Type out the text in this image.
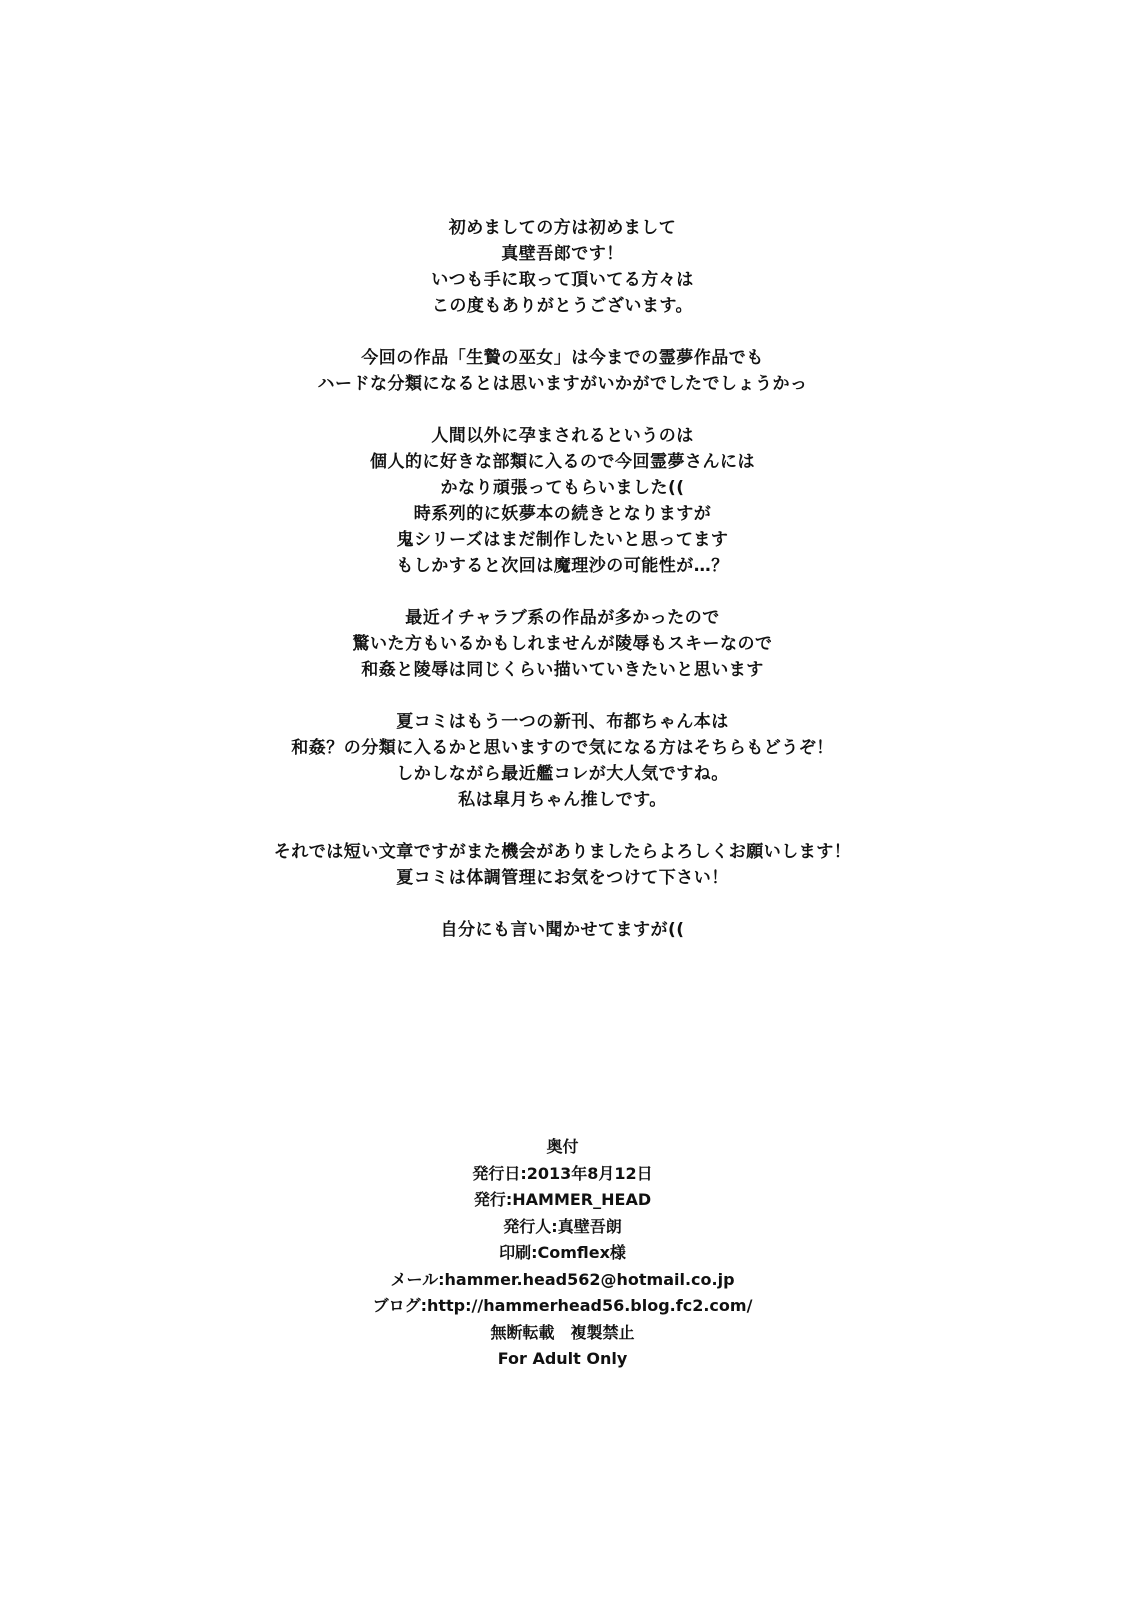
初めましての方は初めまして
真壁吾郎です！
いつも手に取って頂いてる方々は
この度もありがとうございます。
今回の作品「生贄の巫女」は今までの霊夢作品でも
ハードな分類になるとは思いますがいかがでしたでしょうかっ
人間以外に孕まされるというのは
個人的に好きな部類に入るので今回霊夢さんには
かなり頑張ってもらいました((
時系列的に妖夢本の続きとなりますが
鬼シリーズはまだ制作したいと思ってます
もしかすると次回は魔理沙の可能性が…？
最近イチャラブ系の作品が多かったので
驚いた方もいるかもしれませんが陵辱もスキーなので
和姦と陵辱は同じくらい描いていきたいと思います
夏コミはもう一つの新刊、布都ちゃん本は
和姦？の分類に入るかと思いますので気になる方はそちらもどうぞ！
しかしながら最近艦コレが大人気ですね。
私は皐月ちゃん推しです。
それでは短い文章ですがまた機会がありましたらよろしくお願いします！
夏コミは体調管理にお気をつけて下さい！
自分にも言い聞かせてますが((
奥付
発行日:2013年8月12日
発行:HAMMER_HEAD
発行人:真壁吾朗
印刷:Comflex様
メール:hammer.head562@hotmail.co.jp
ブログ:http://hammerhead56.blog.fc2.com/
無断転載　複製禁止
For Adult Only
